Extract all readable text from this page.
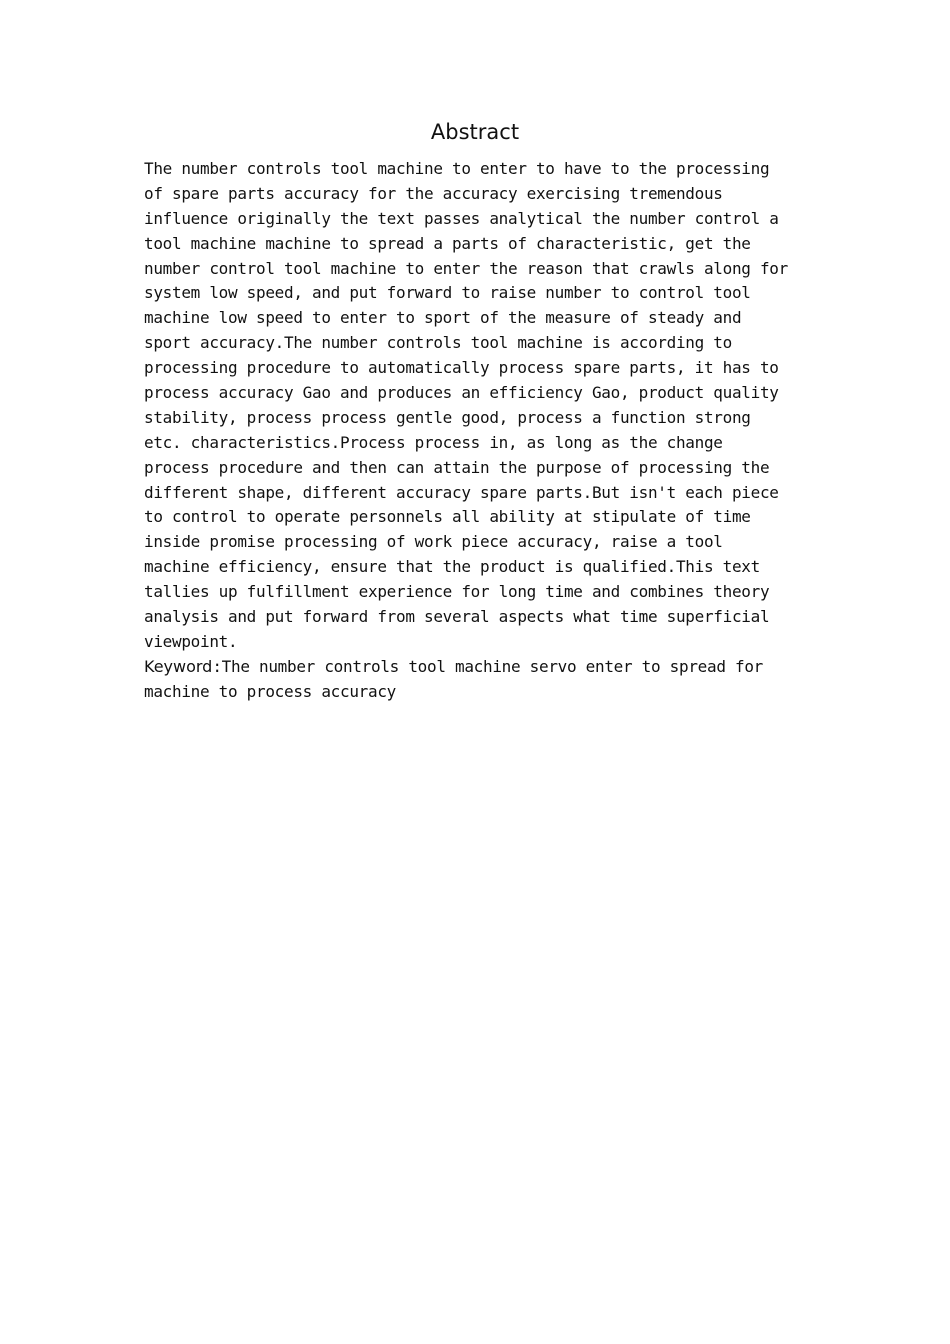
Abstract
The number controls tool machine to enter to have to the processing
of spare parts accuracy for the accuracy exercising tremendous
influence originally the text passes analytical the number control a
tool machine machine to spread a parts of characteristic, get the
number control tool machine to enter the reason that crawls along for
system low speed, and put forward to raise number to control tool
machine low speed to enter to sport of the measure of steady and
sport accuracy.The number controls tool machine is according to
processing procedure to automatically process spare parts, it has to
process accuracy Gao and produces an efficiency Gao, product quality
stability, process process gentle good, process a function strong
etc. characteristics.Process process in, as long as the change
process procedure and then can attain the purpose of processing the
different shape, different accuracy spare parts.But isn't each piece
to control to operate personnels all ability at stipulate of time
inside promise processing of work piece accuracy, raise a tool
machine efficiency, ensure that the product is qualified.This text
tallies up fulfillment experience for long time and combines theory
analysis and put forward from several aspects what time superficial
viewpoint.
Keyword:The number controls tool machine servo enter to spread for
machine to process accuracy
